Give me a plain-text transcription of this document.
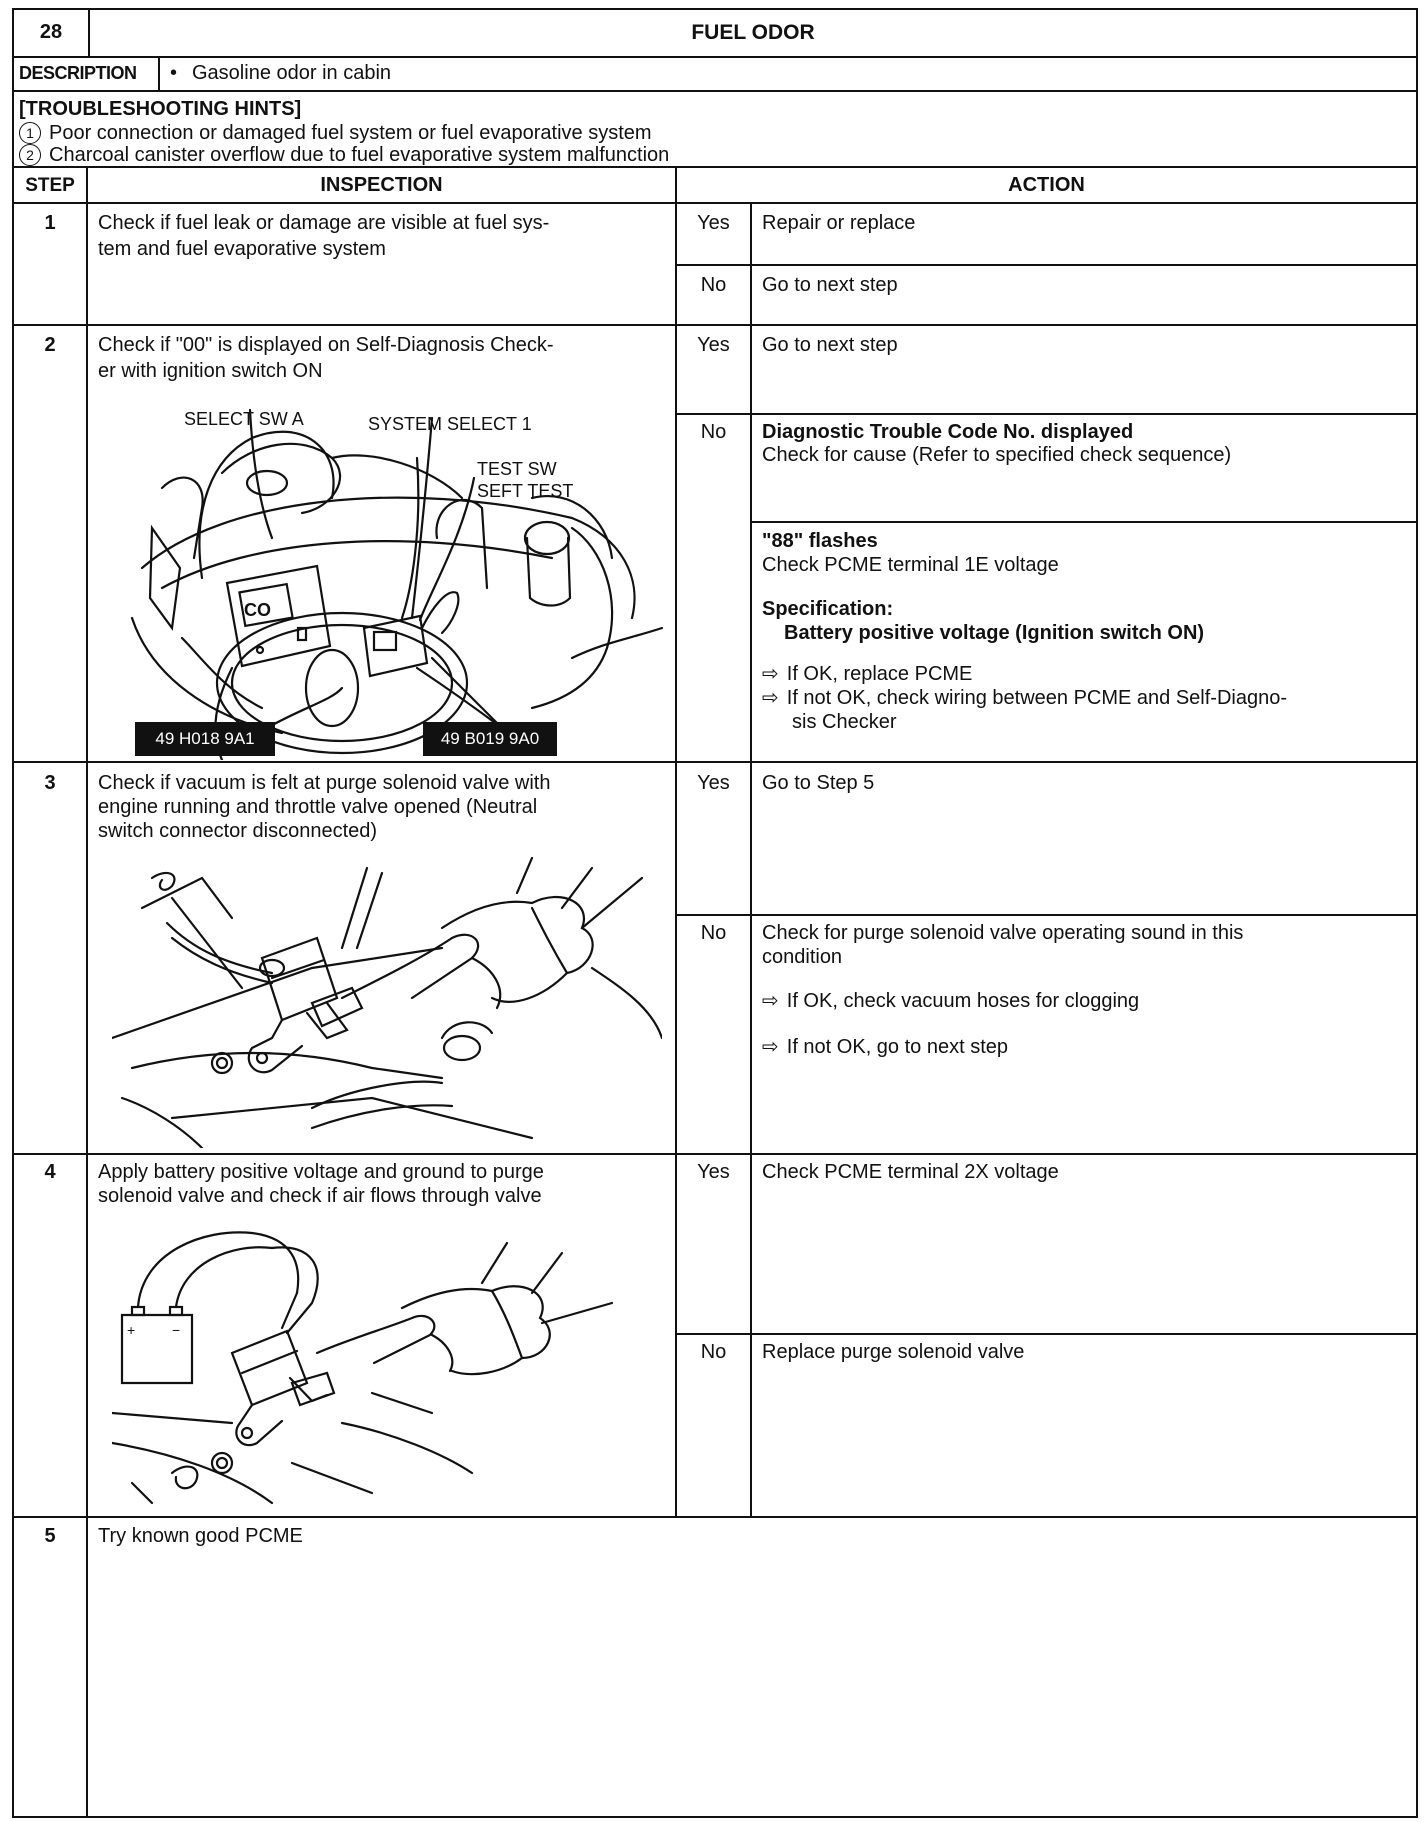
28	FUEL ODOR
DESCRIPTION • Gasoline odor in cabin
[TROUBLESHOOTING HINTS]
1 Poor connection or damaged fuel system or fuel evaporative system
2 Charcoal canister overflow due to fuel evaporative system malfunction
STEP	INSPECTION	ACTION
1	Check if fuel leak or damage are visible at fuel sys-
tem and fuel evaporative system
Yes	Repair or replace
No	Go to next step
2	Check if "00" is displayed on Self-Diagnosis Check-
er with ignition switch ON
CO
SELECT SW A	SYSTEM SELECT 1
TEST SW
SEFT TEST
49 H018 9A1	49 B019 9A0
Yes	Go to next step
No	Diagnostic Trouble Code No. displayed
Check for cause (Refer to specified check sequence)
"88" flashes
Check PCME terminal 1E voltage
Specification:
Battery positive voltage (Ignition switch ON)
⇨ If OK, replace PCME
⇨ If not OK, check wiring between PCME and Self-Diagno-
sis Checker
3	Check if vacuum is felt at purge solenoid valve with
engine running and throttle valve opened (Neutral
switch connector disconnected)
Yes	Go to Step 5
No	Check for purge solenoid valve operating sound in this
condition
⇨ If OK, check vacuum hoses for clogging
⇨ If not OK, go to next step
4	Apply battery positive voltage and ground to purge
solenoid valve and check if air flows through valve
+	−
Yes	Check PCME terminal 2X voltage
No	Replace purge solenoid valve
5	Try known good PCME
